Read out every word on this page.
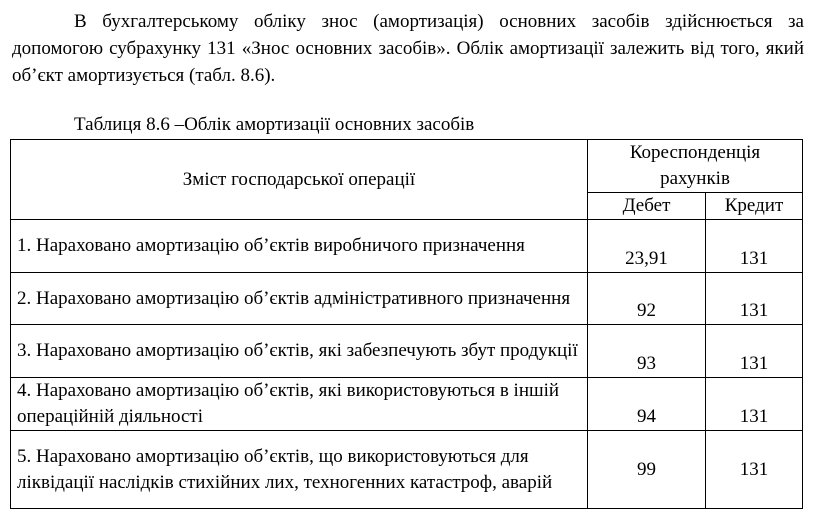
В бухгалтерському обліку знос (амортизація) основних засобів здійснюється за допомогою субрахунку 131 «Знос основних засобів». Облік амортизації залежить від того, який об’єкт амортизується (табл. 8.6).

Таблиця 8.6 –Облік амортизації основних засобів

Зміст господарської операції	Кореспонденція рахунків	
	Дебет	Кредит
1. Нараховано амортизацію об’єктів виробничого призначення	23,91	131
2. Нараховано амортизацію об’єктів адміністративного призначення	92	131
3. Нараховано амортизацію об’єктів, які забезпечують збут продукції	93	131
4. Нараховано амортизацію об’єктів, які використовуються в іншій операційній діяльності	94	131
5. Нараховано амортизацію об’єктів, що використовуються для ліквідації наслідків стихійних лих, техногенних катастроф, аварій	99	131
